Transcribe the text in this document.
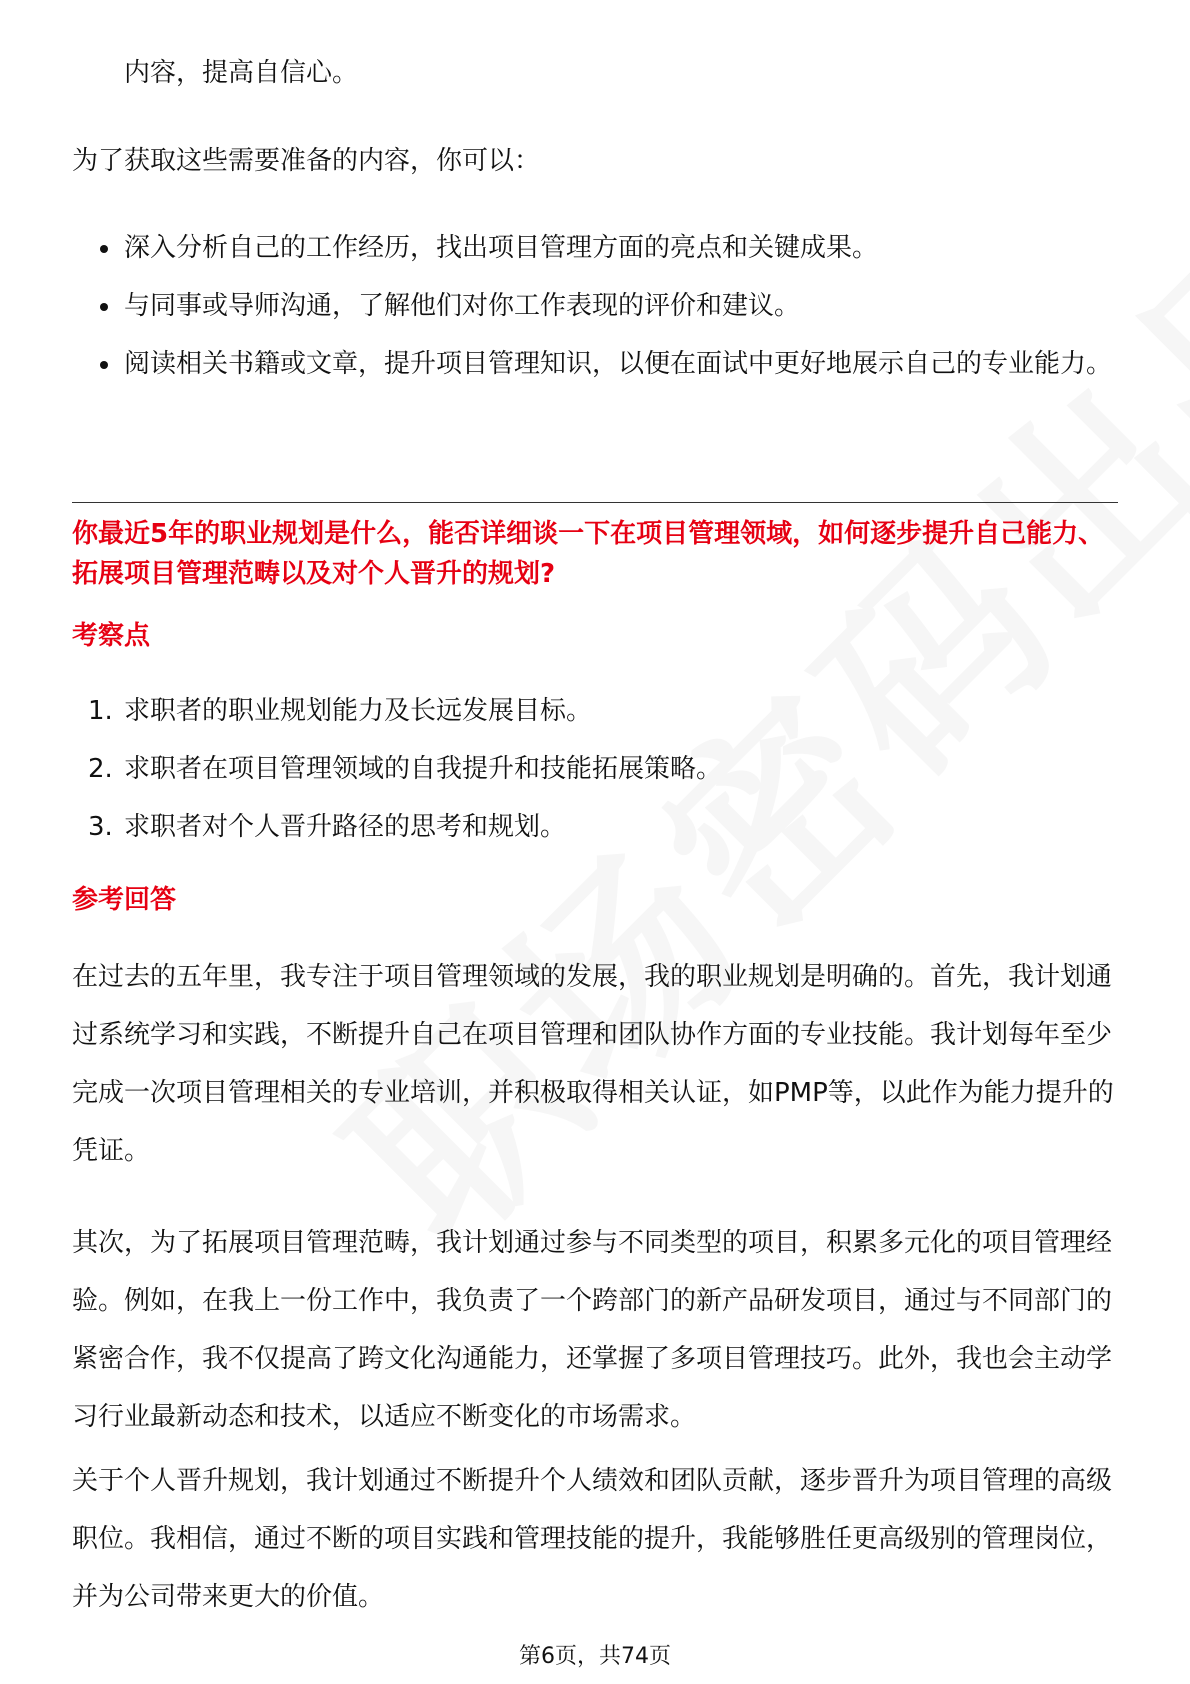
内容，提高自信心。

为了获取这些需要准备的内容，你可以：

深入分析自己的工作经历，找出项目管理方面的亮点和关键成果。
与同事或导师沟通，了解他们对你工作表现的评价和建议。
阅读相关书籍或文章，提升项目管理知识，以便在面试中更好地展示自己的专业能力。
你最近5年的职业规划是什么，能否详细谈一下在项目管理领域，如何逐步提升自己能力、拓展项目管理范畴以及对个人晋升的规划?
考察点
1. 求职者的职业规划能力及长远发展目标。
2. 求职者在项目管理领域的自我提升和技能拓展策略。
3. 求职者对个人晋升路径的思考和规划。
参考回答

在过去的五年里，我专注于项目管理领域的发展，我的职业规划是明确的。首先，我计划通过系统学习和实践，不断提升自己在项目管理和团队协作方面的专业技能。我计划每年至少完成一次项目管理相关的专业培训，并积极取得相关认证，如PMP等，以此作为能力提升的凭证。

其次，为了拓展项目管理范畴，我计划通过参与不同类型的项目，积累多元化的项目管理经验。例如，在我上一份工作中，我负责了一个跨部门的新产品研发项目，通过与不同部门的紧密合作，我不仅提高了跨文化沟通能力，还掌握了多项目管理技巧。此外，我也会主动学习行业最新动态和技术，以适应不断变化的市场需求。

关于个人晋升规划，我计划通过不断提升个人绩效和团队贡献，逐步晋升为项目管理的高级职位。我相信，通过不断的项目实践和管理技能的提升，我能够胜任更高级别的管理岗位，并为公司带来更大的价值。

第6页，共74页
